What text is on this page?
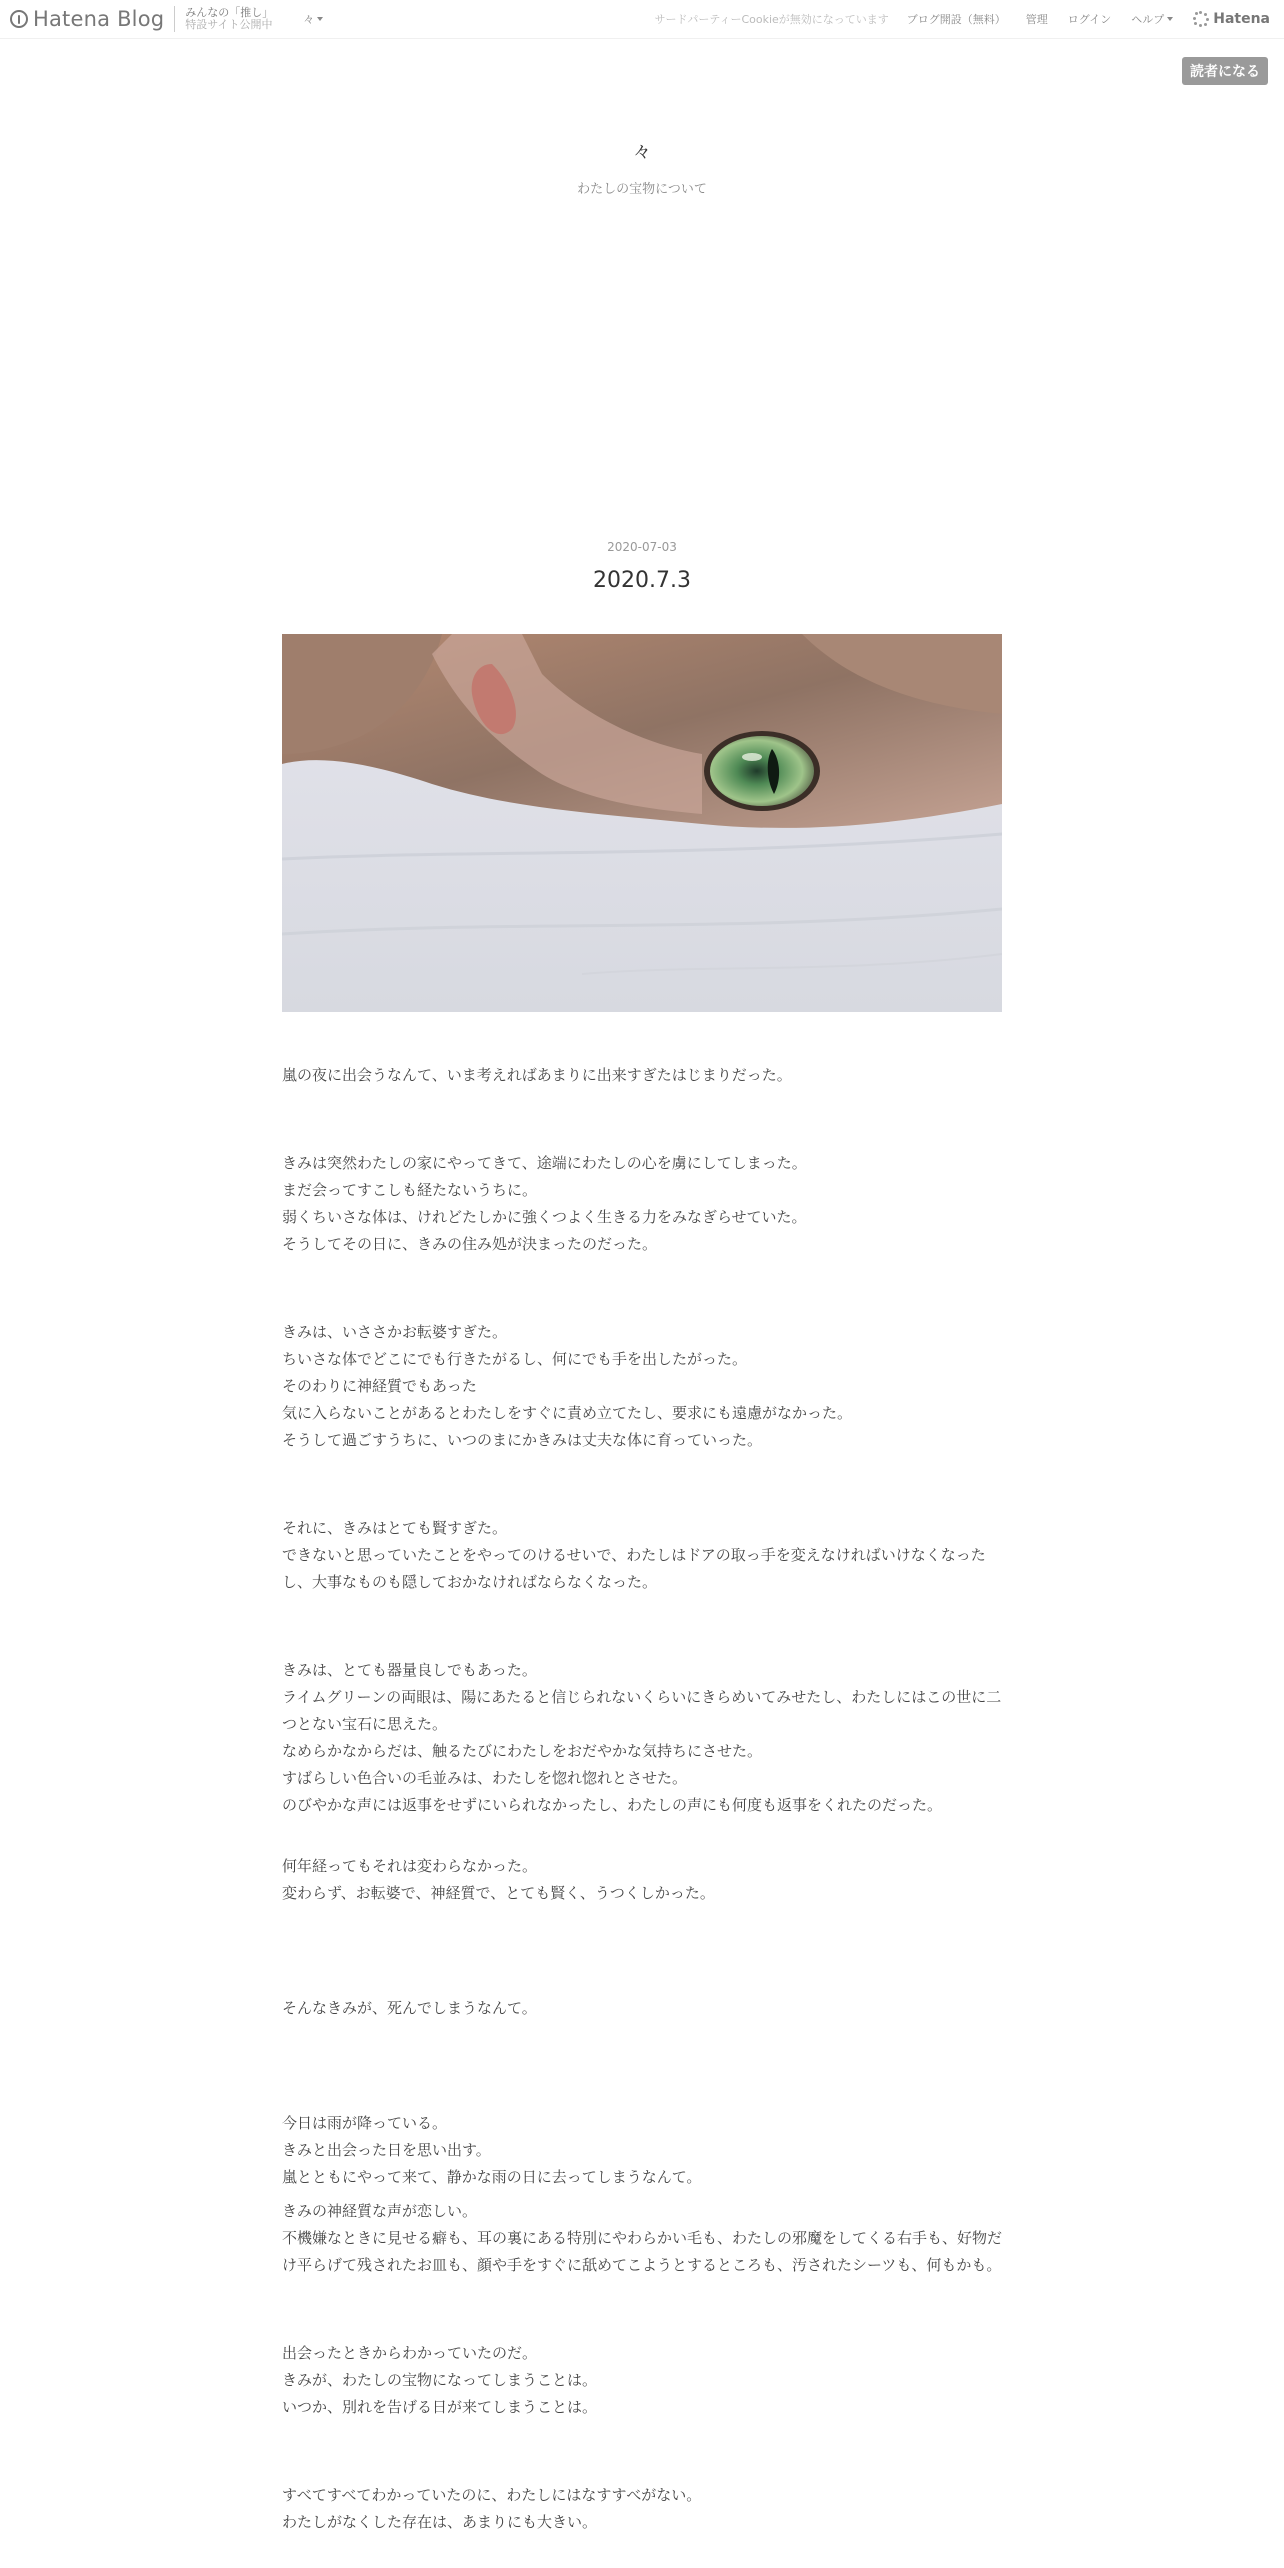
Hatena Blog みんなの「推し」
特設サイト公開中	々	サードパーティーCookieが無効になっています ブログ開設（無料） 管理 ログイン ヘルプ	Hatena
読者になる
々
わたしの宝物について
2020-07-03
2020.7.3

嵐の夜に出会うなんて、いま考えればあまりに出来すぎたはじまりだった。

きみは突然わたしの家にやってきて、途端にわたしの心を虜にしてしまった。
まだ会ってすこしも経たないうちに。
弱くちいさな体は、けれどたしかに強くつよく生きる力をみなぎらせていた。
そうしてその日に、きみの住み処が決まったのだった。

きみは、いささかお転婆すぎた。
ちいさな体でどこにでも行きたがるし、何にでも手を出したがった。
そのわりに神経質でもあった
気に入らないことがあるとわたしをすぐに責め立てたし、要求にも遠慮がなかった。
そうして過ごすうちに、いつのまにかきみは丈夫な体に育っていった。

それに、きみはとても賢すぎた。
できないと思っていたことをやってのけるせいで、わたしはドアの取っ手を変えなければいけなくなったし、大事なものも隠しておかなければならなくなった。

きみは、とても器量良しでもあった。
ライムグリーンの両眼は、陽にあたると信じられないくらいにきらめいてみせたし、わたしにはこの世に二つとない宝石に思えた。
なめらかなからだは、触るたびにわたしをおだやかな気持ちにさせた。
すばらしい色合いの毛並みは、わたしを惚れ惚れとさせた。
のびやかな声には返事をせずにいられなかったし、わたしの声にも何度も返事をくれたのだった。

何年経ってもそれは変わらなかった。
変わらず、お転婆で、神経質で、とても賢く、うつくしかった。

そんなきみが、死んでしまうなんて。

今日は雨が降っている。
きみと出会った日を思い出す。
嵐とともにやって来て、静かな雨の日に去ってしまうなんて。

きみの神経質な声が恋しい。
不機嫌なときに見せる癖も、耳の裏にある特別にやわらかい毛も、わたしの邪魔をしてくる右手も、好物だけ平らげて残されたお皿も、顔や手をすぐに舐めてこようとするところも、汚されたシーツも、何もかも。

出会ったときからわかっていたのだ。
きみが、わたしの宝物になってしまうことは。
いつか、別れを告げる日が来てしまうことは。

すべてすべてわかっていたのに、わたしにはなすすべがない。
わたしがなくした存在は、あまりにも大きい。
